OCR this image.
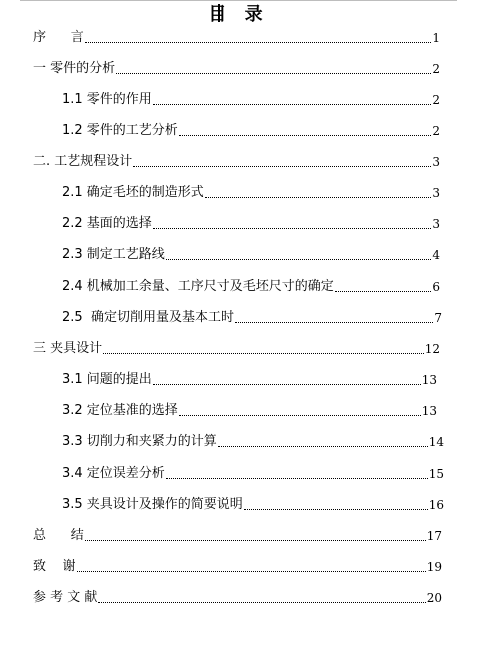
目 录
序      言	1
一 零件的分析	2
1.1 零件的作用	2
1.2 零件的工艺分析	2
二. 工艺规程设计	3
2.1 确定毛坯的制造形式	3
2.2 基面的选择	3
2.3 制定工艺路线	4
2.4 机械加工余量、工序尺寸及毛坯尺寸的确定	6
2.5  确定切削用量及基本工时	7
三 夹具设计	12
3.1 问题的提出	13
3.2 定位基准的选择	13
3.3 切削力和夹紧力的计算	14
3.4 定位误差分析	15
3.5 夹具设计及操作的简要说明	16
总      结	17
致    谢	19
参 考 文 献	20
